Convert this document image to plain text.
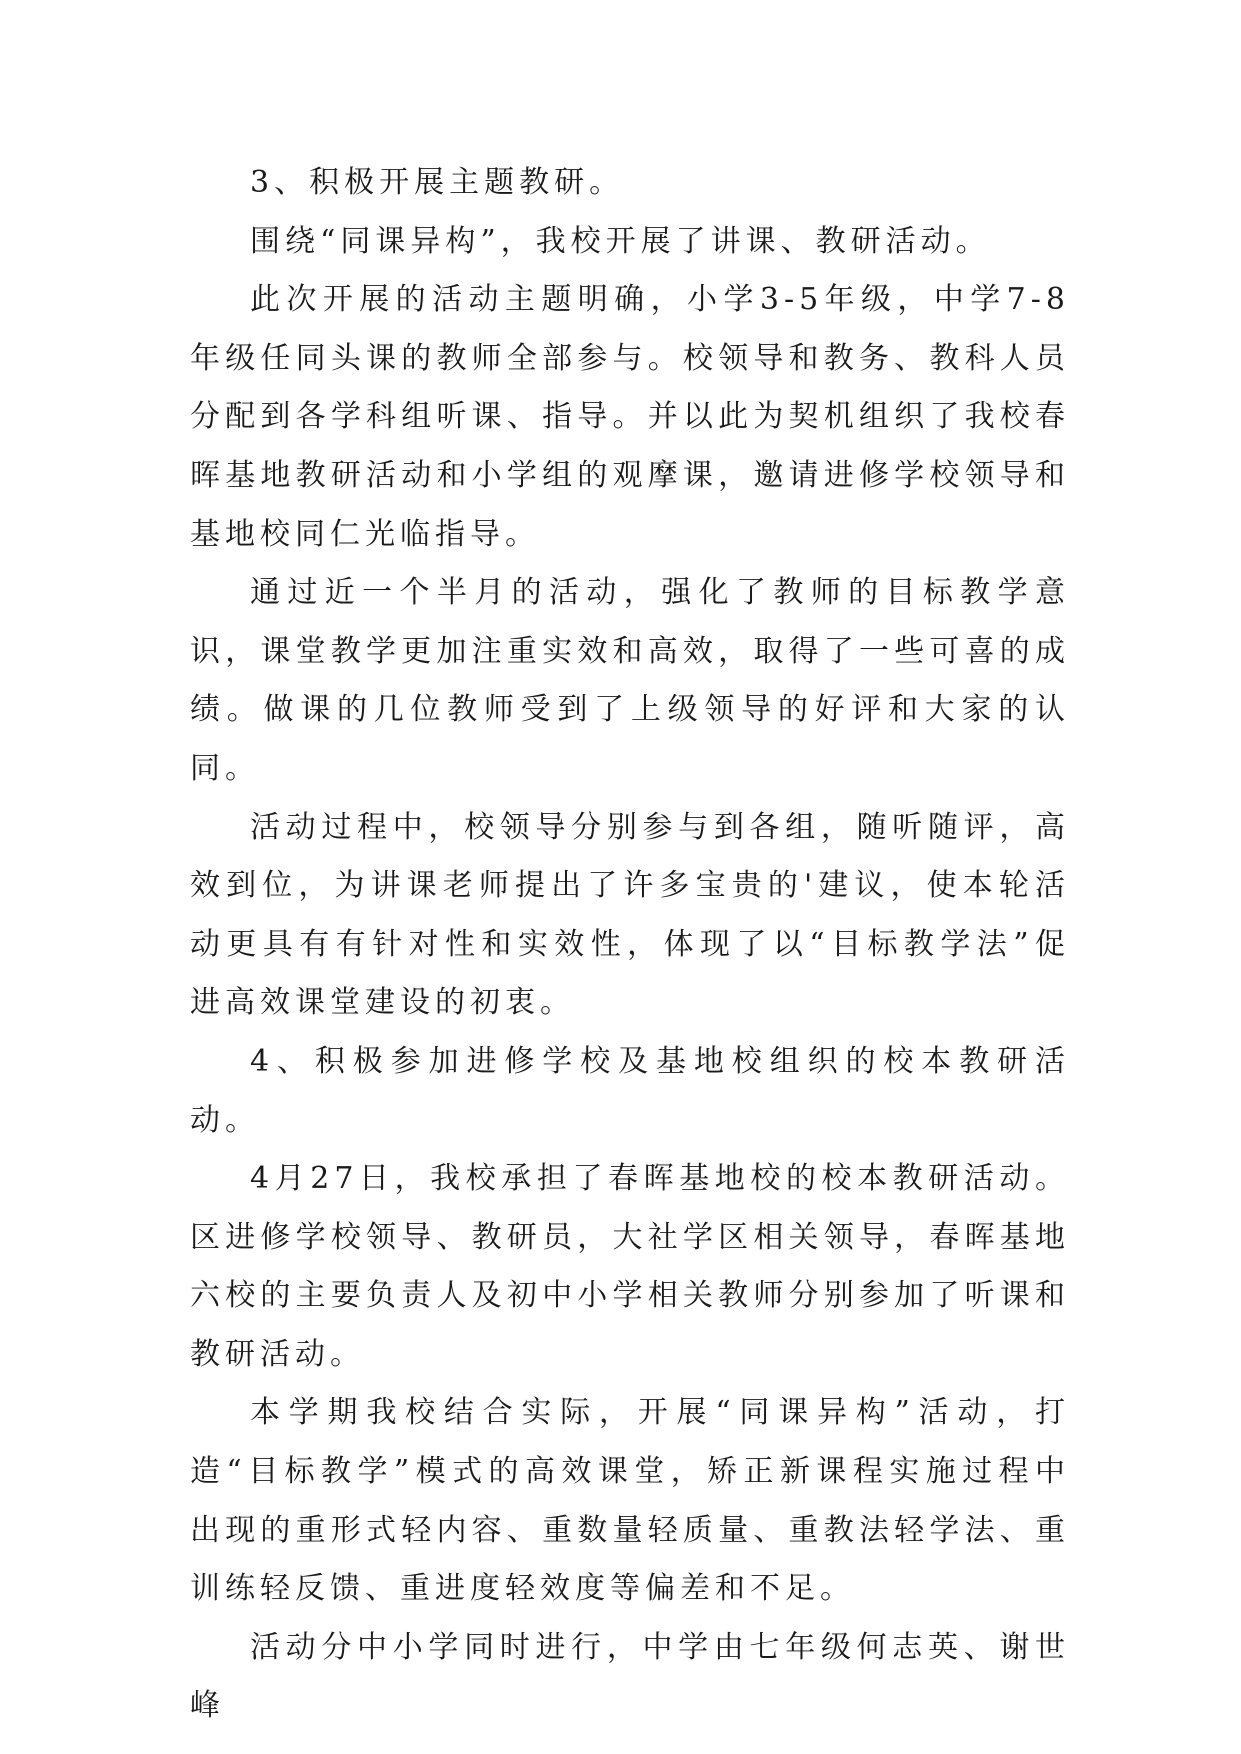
3、积极开展主题教研。

围绕“同课异构”，我校开展了讲课、教研活动。

此次开展的活动主题明确，小学3-5年级，中学7-8年级任同头课的教师全部参与。校领导和教务、教科人员分配到各学科组听课、指导。并以此为契机组织了我校春晖基地教研活动和小学组的观摩课，邀请进修学校领导和基地校同仁光临指导。

通过近一个半月的活动，强化了教师的目标教学意识，课堂教学更加注重实效和高效，取得了一些可喜的成绩。做课的几位教师受到了上级领导的好评和大家的认同。

活动过程中，校领导分别参与到各组，随听随评，高效到位，为讲课老师提出了许多宝贵的'建议，使本轮活动更具有有针对性和实效性，体现了以“目标教学法”促进高效课堂建设的初衷。

4、积极参加进修学校及基地校组织的校本教研活动。

4月27日，我校承担了春晖基地校的校本教研活动。区进修学校领导、教研员，大社学区相关领导，春晖基地六校的主要负责人及初中小学相关教师分别参加了听课和教研活动。

本学期我校结合实际，开展“同课异构”活动，打造“目标教学”模式的高效课堂，矫正新课程实施过程中出现的重形式轻内容、重数量轻质量、重教法轻学法、重训练轻反馈、重进度轻效度等偏差和不足。

活动分中小学同时进行，中学由七年级何志英、谢世峰
